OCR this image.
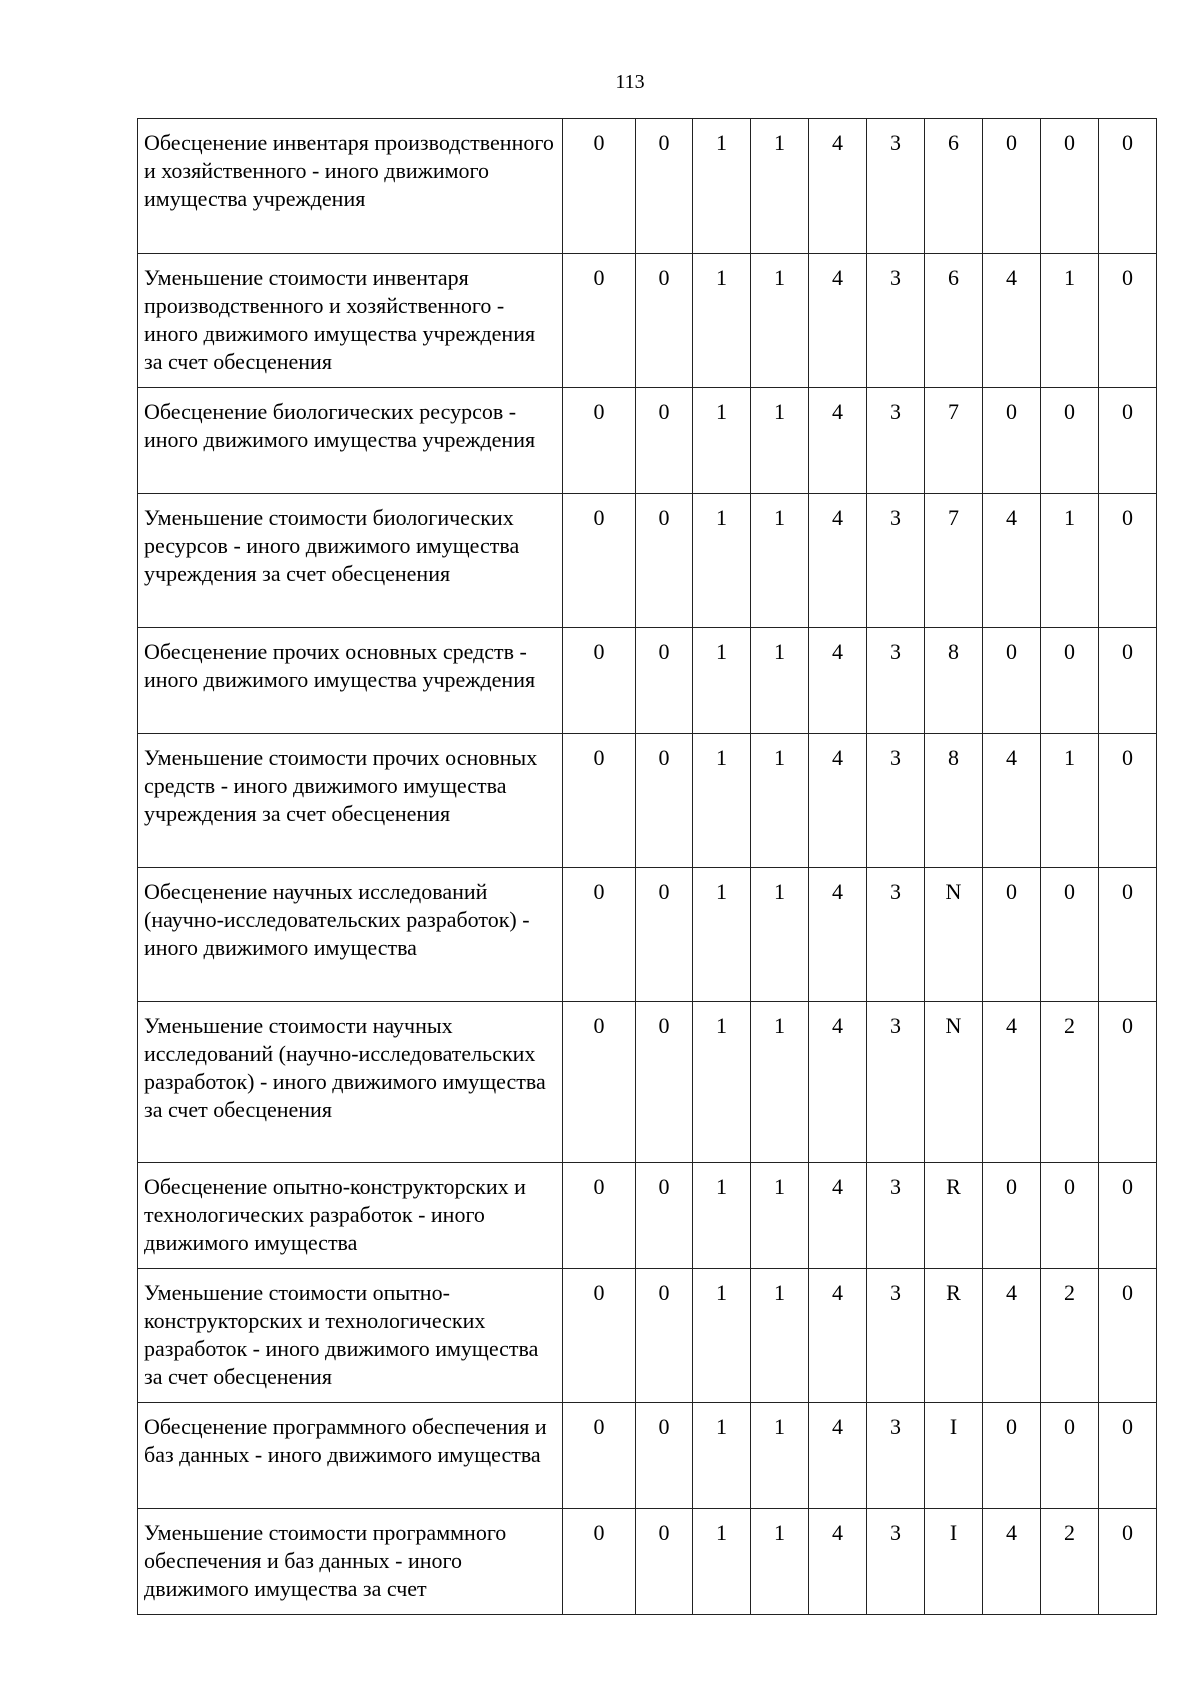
113
Обесценение инвентаря производственного и хозяйственного - иного движимого имущества учреждения	0	0	1	1	4	3	6	0	0	0
Уменьшение стоимости инвентаря производственного и хозяйственного - иного движимого имущества учреждения за счет обесценения	0	0	1	1	4	3	6	4	1	0
Обесценение биологических ресурсов - иного движимого имущества учреждения	0	0	1	1	4	3	7	0	0	0
Уменьшение стоимости биологических ресурсов - иного движимого имущества учреждения за счет обесценения	0	0	1	1	4	3	7	4	1	0
Обесценение прочих основных средств - иного движимого имущества учреждения	0	0	1	1	4	3	8	0	0	0
Уменьшение стоимости прочих основных средств - иного движимого имущества учреждения за счет обесценения	0	0	1	1	4	3	8	4	1	0
Обесценение научных исследований (научно-исследовательских разработок) - иного движимого имущества	0	0	1	1	4	3	N	0	0	0
Уменьшение стоимости научных исследований (научно-исследовательских разработок) - иного движимого имущества за счет обесценения	0	0	1	1	4	3	N	4	2	0
Обесценение опытно-конструкторских и технологических разработок - иного движимого имущества	0	0	1	1	4	3	R	0	0	0
Уменьшение стоимости опытно-конструкторских и технологических разработок - иного движимого имущества за счет обесценения	0	0	1	1	4	3	R	4	2	0
Обесценение программного обеспечения и баз данных - иного движимого имущества	0	0	1	1	4	3	I	0	0	0
Уменьшение стоимости программного обеспечения и баз данных - иного движимого имущества за счет	0	0	1	1	4	3	I	4	2	0
